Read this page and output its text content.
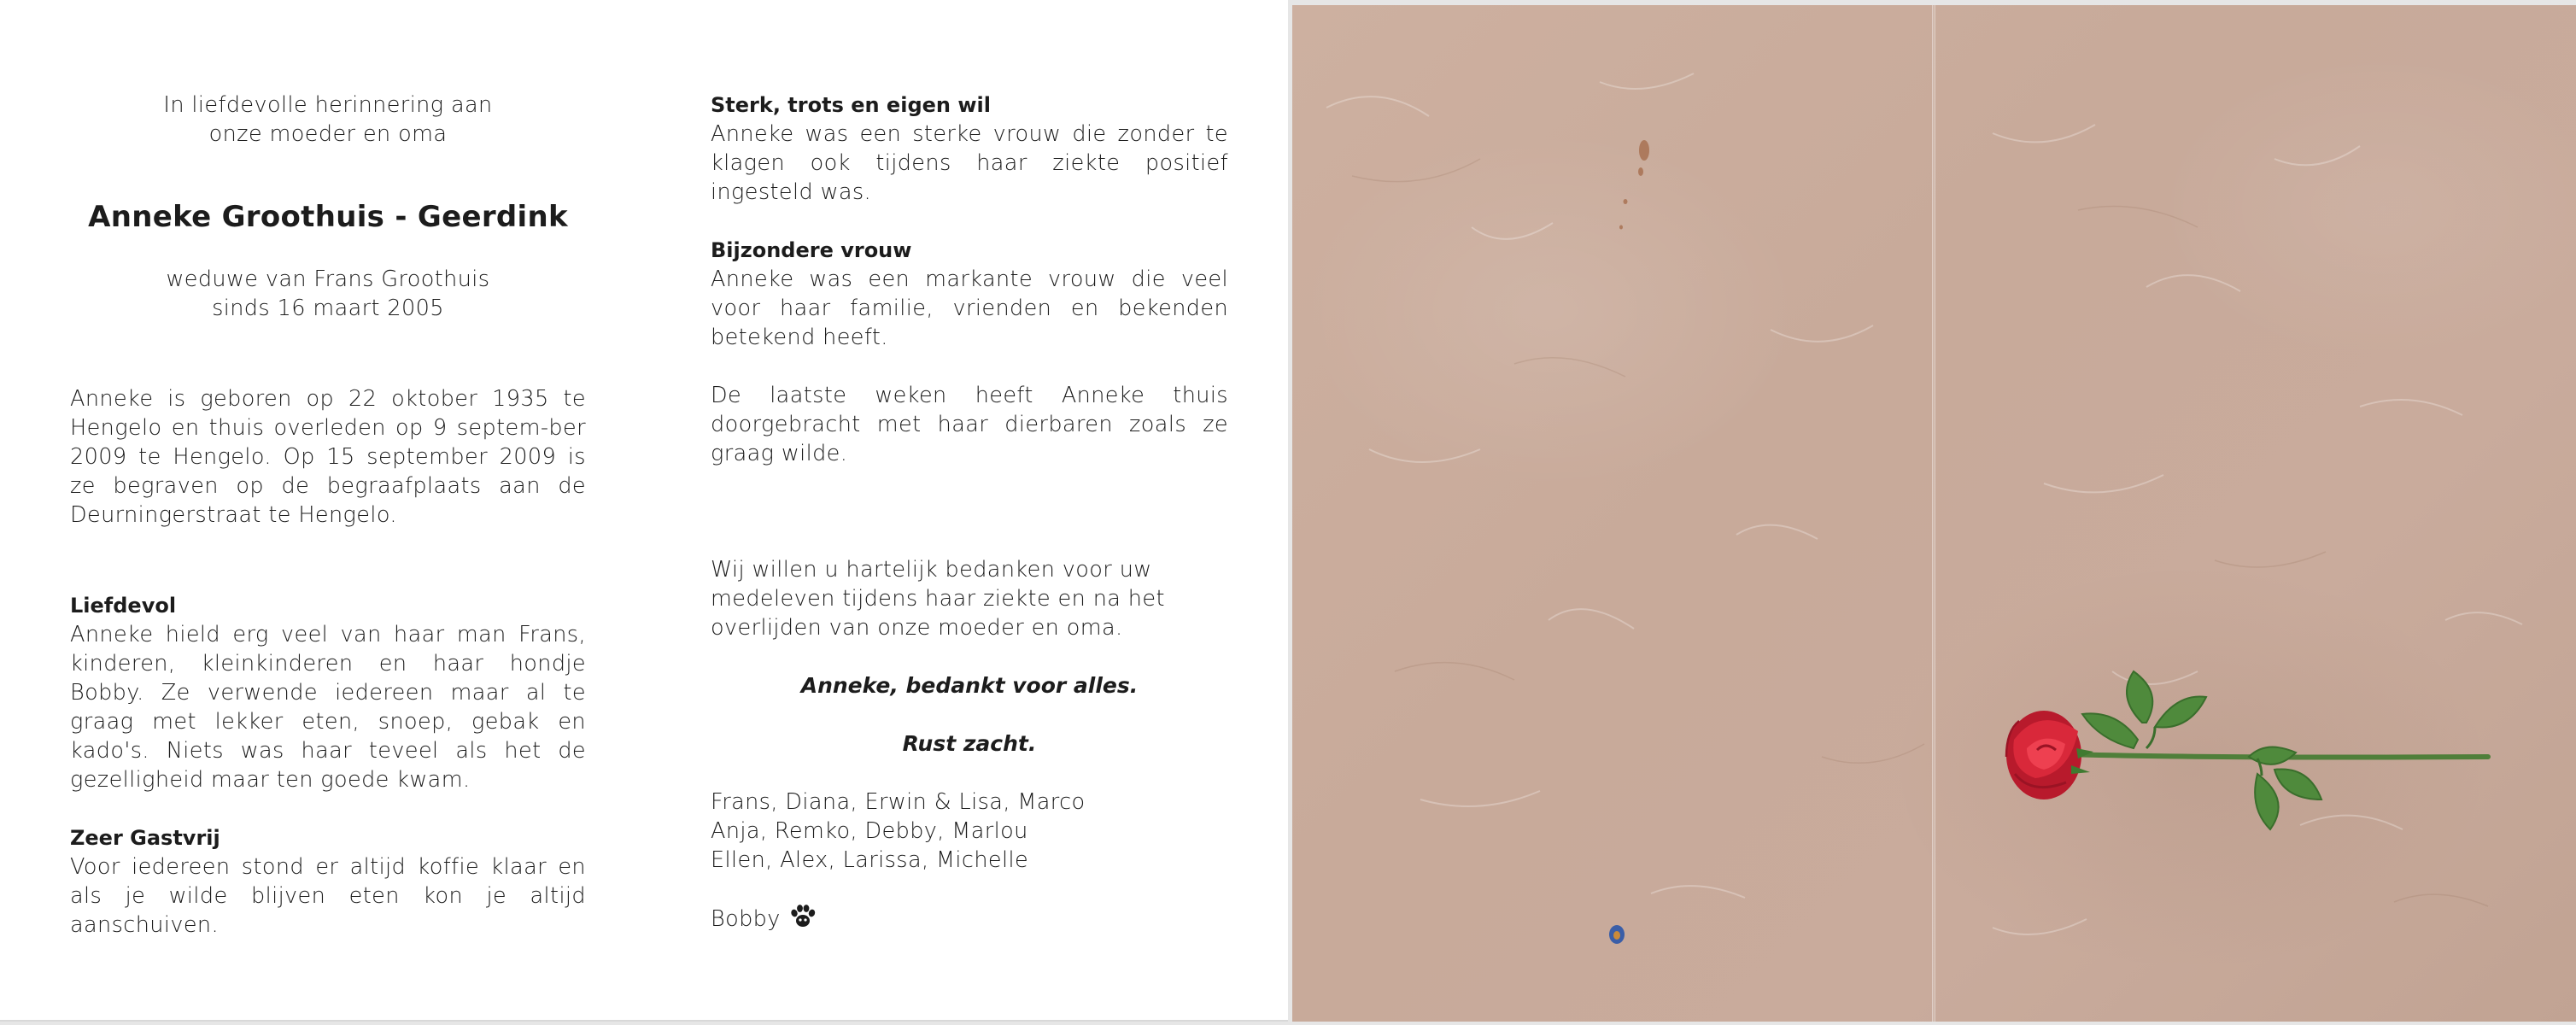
In liefdevolle herinnering aan

onze moeder en oma

Anneke Groothuis - Geerdink

weduwe van Frans Groothuis

sinds 16 maart 2005

Anneke is geboren op 22 oktober 1935 te Hengelo en thuis overleden op 9 septem-ber 2009 te Hengelo. Op 15 september 2009 is ze begraven op de begraafplaats aan de Deurningerstraat te Hengelo.

Liefdevol

Anneke hield erg veel van haar man Frans, kinderen, kleinkinderen en haar hondje Bobby. Ze verwende iedereen maar al te graag met lekker eten, snoep, gebak en kado's. Niets was haar teveel als het de gezelligheid maar ten goede kwam.

Zeer Gastvrij

Voor iedereen stond er altijd koffie klaar en als je wilde blijven eten kon je altijd aanschuiven.

Sterk, trots en eigen wil

Anneke was een sterke vrouw die zonder te klagen ook tijdens haar ziekte positief ingesteld was.

Bijzondere vrouw

Anneke was een markante vrouw die veel voor haar familie, vrienden en bekenden betekend heeft.

De laatste weken heeft Anneke thuis doorgebracht met haar dierbaren zoals ze graag wilde.

Wij willen u hartelijk bedanken voor uw medeleven tijdens haar ziekte en na het overlijden van onze moeder en oma.

Anneke, bedankt voor alles.

Rust zacht.

Frans, Diana, Erwin & Lisa, Marco

Anja, Remko, Debby, Marlou

Ellen, Alex, Larissa, Michelle

Bobby
